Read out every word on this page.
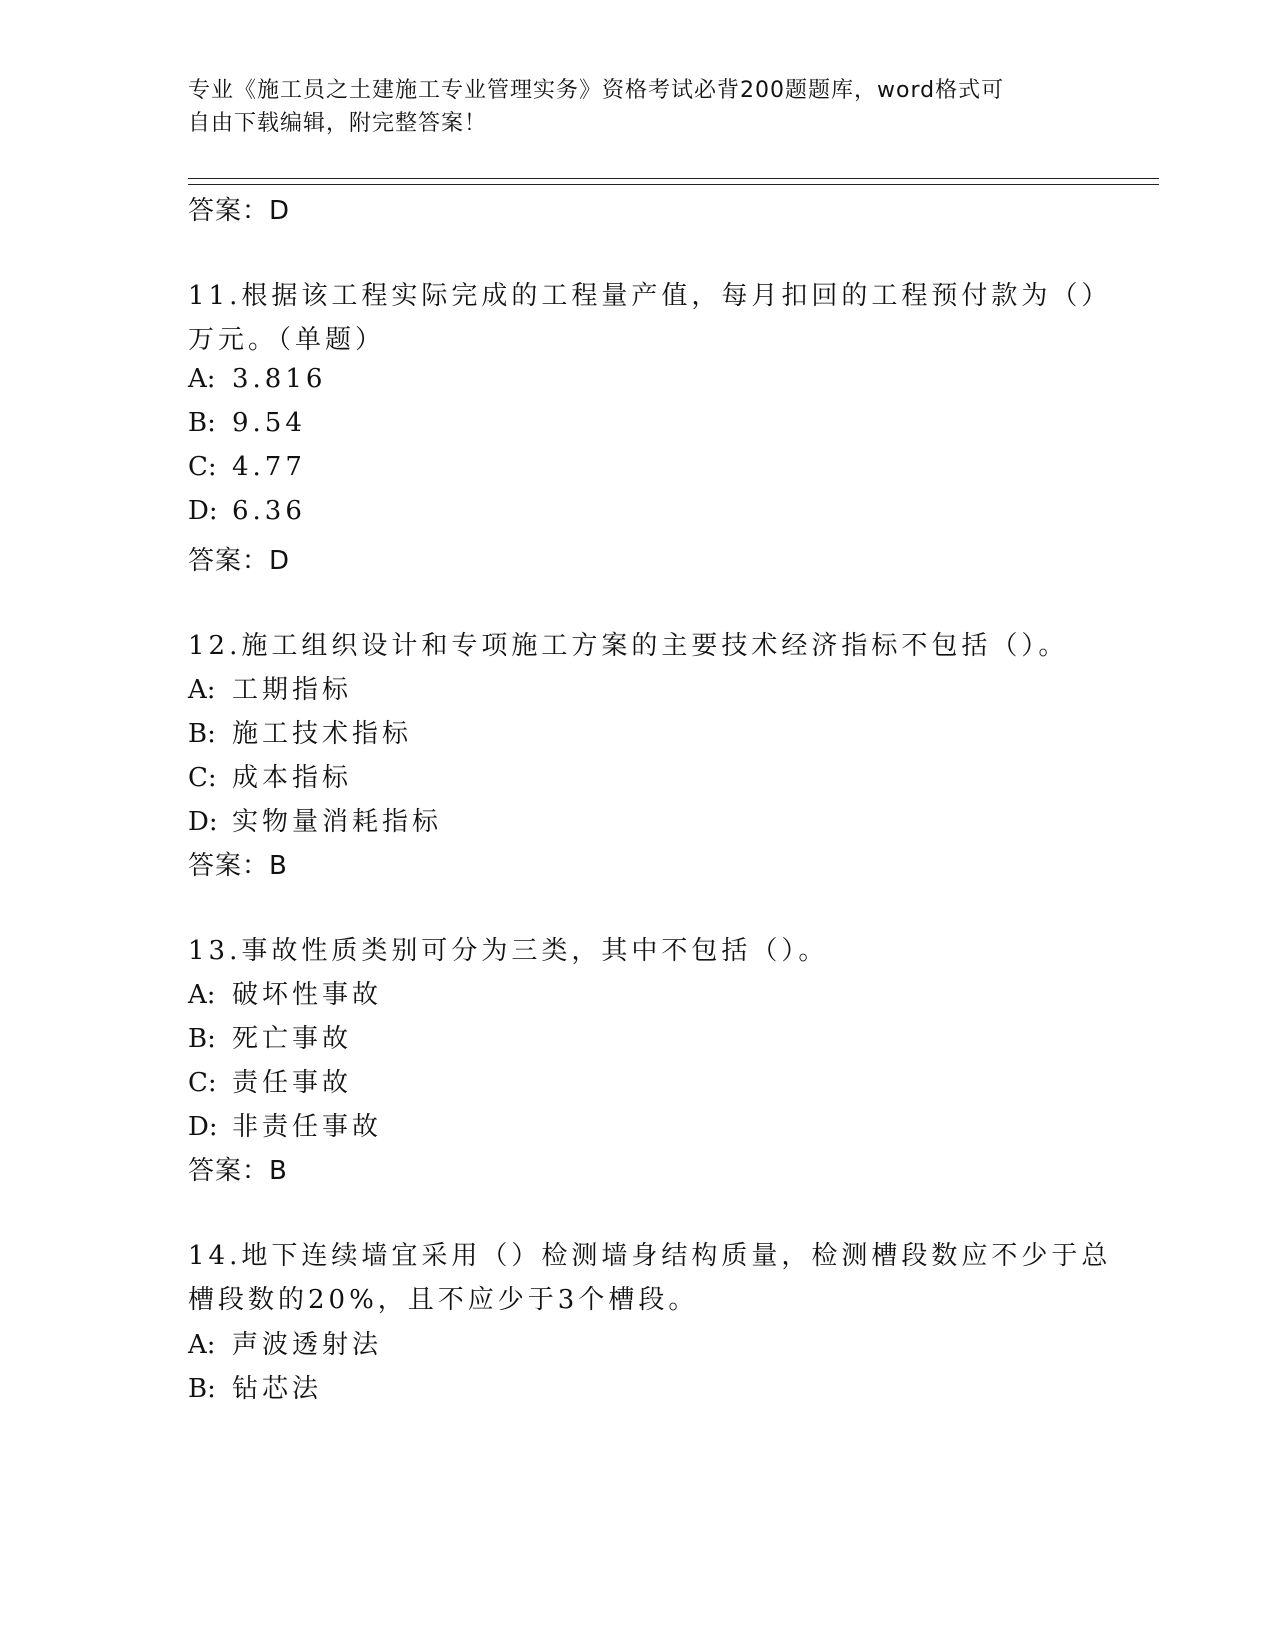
专业《施工员之土建施工专业管理实务》资格考试必背200题题库，word格式可
自由下载编辑，附完整答案！
答案：D
11.根据该工程实际完成的工程量产值，每月扣回的工程预付款为（）
万元。（单题）
A: 3.816
B: 9.54
C: 4.77
D: 6.36
答案：D
12.施工组织设计和专项施工方案的主要技术经济指标不包括（）。
A: 工期指标
B: 施工技术指标
C: 成本指标
D: 实物量消耗指标
答案：B
13.事故性质类别可分为三类，其中不包括（）。
A: 破坏性事故
B: 死亡事故
C: 责任事故
D: 非责任事故
答案：B
14.地下连续墙宜采用（）检测墙身结构质量，检测槽段数应不少于总
槽段数的20%，且不应少于3个槽段。
A: 声波透射法
B: 钻芯法
